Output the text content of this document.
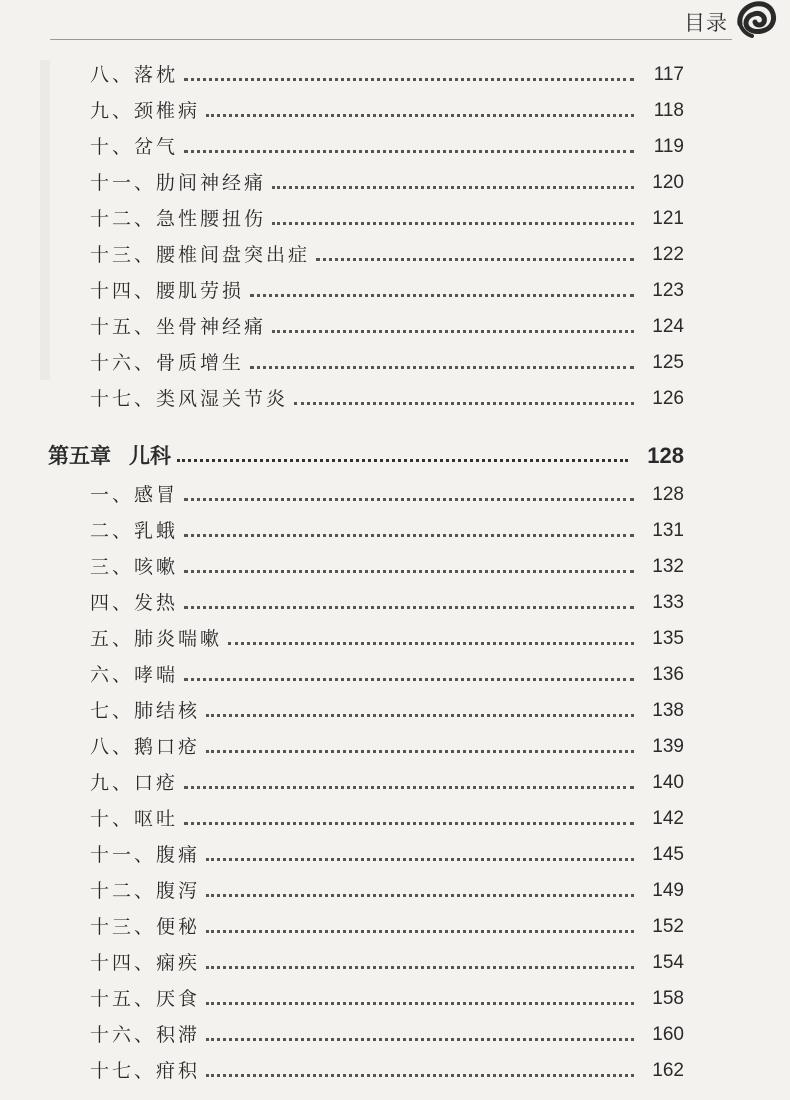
目录
八、落枕	117
九、颈椎病	118
十、岔气	119
十一、肋间神经痛	120
十二、急性腰扭伤	121
十三、腰椎间盘突出症	122
十四、腰肌劳损	123
十五、坐骨神经痛	124
十六、骨质增生	125
十七、类风湿关节炎	126
第五章 儿科	128
一、感冒	128
二、乳蛾	131
三、咳嗽	132
四、发热	133
五、肺炎喘嗽	135
六、哮喘	136
七、肺结核	138
八、鹅口疮	139
九、口疮	140
十、呕吐	142
十一、腹痛	145
十二、腹泻	149
十三、便秘	152
十四、痫疾	154
十五、厌食	158
十六、积滞	160
十七、疳积	162
